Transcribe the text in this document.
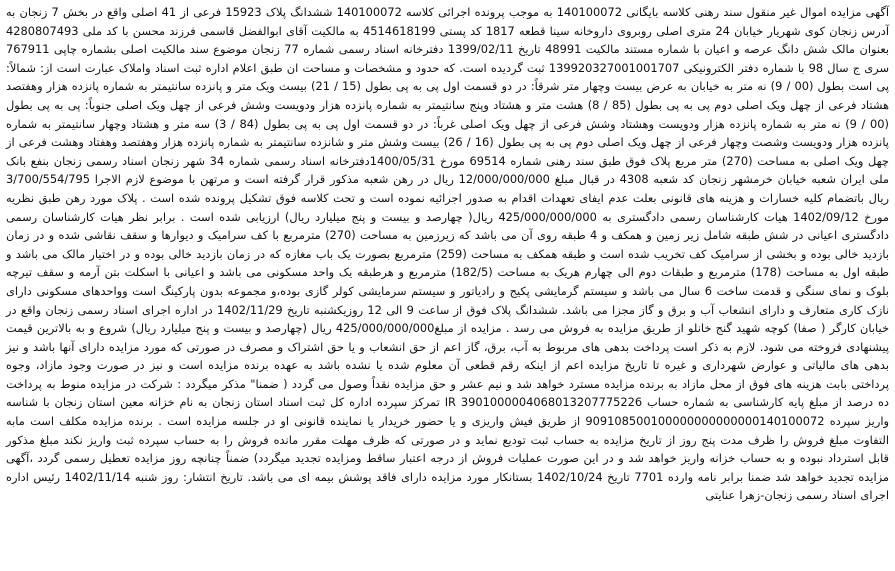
آگهی مزایده اموال غیر منقول سند رهنی کلاسه بایگانی 140100072 به موجب پرونده اجرائی کلاسه 140100072 ششدانگ پلاک 15923 فرعی از 41 اصلی واقع در بخش 7 زنجان به آدرس زنجان کوی شهریار خیابان 24 متری اصلی روبروی داروخانه سینا قطعه 1817 کد پستی 4514618199 به مالکیت آقای ابوالفضل قاسمی فرزند محسن با کد ملی 4280807493 بعنوان مالک شش دانگ عرصه و اعیان با شماره مستند مالکیت 48991 تاریخ 1399/02/11 دفترخانه اسناد رسمی شماره 77 زنجان موضوع سند مالکیت اصلی بشماره چاپی 767911 سری ج سال 98 با شماره دفتر الکترونیکی 139920327001001707 ثبت گردیده است. که حدود و مشخصات و مساحت ان طبق اعلام اداره ثبت اسناد واملاک عبارت است از: شمالاً: پی است بطول (00 / 9) نه متر به خیابان به عرض بیست وچهار متر شرقاً: در دو قسمت اول پی به پی بطول (15 / 21) بیست ویک متر و پانزده سانتیمتر به شماره پانزده هزار وهفتصد هشتاد فرعی از چهل ویک اصلی دوم پی به پی بطول (85 / 8) هشت متر و هشتاد وپنج سانتیمتر به شماره پانزده هزار ودویست وشش فرعی از چهل ویک اصلی جنوباً: پی به پی بطول (00 / 9) نه متر به شماره پانزده هزار ودویست وهشتاد وشش فرعی از چهل ویک اصلی غرباً: در دو قسمت اول پی به پی بطول (84 / 3) سه متر و هشتاد وچهار سانتیمتر به شماره پانزده هزار ودویست وشصت وچهار فرعی از چهل ویک اصلی دوم پی به پی بطول (16 / 26) بیست وشش متر و شانزده سانتیمتر به شماره پانزده هزار وهفتصد وهفتاد وهشت فرعی از چهل ویک اصلی به مساحت (270) متر مربع پلاک فوق طبق سند رهنی شماره 69514 مورخ 1400/05/31دفترخانه اسناد رسمی شماره 34 شهر زنجان اسناد رسمی زنجان بنفع بانک ملی ایران شعبه خیابان خرمشهر زنجان کد شعبه 4308 در قبال مبلغ 12/000/000/000 ریال در رهن شعبه مذکور قرار گرفته است و مرتهن با موضوع لازم الاجرا 3/700/554/795 ریال باتضمام کلیه خسارات و هزینه های قانونی بعلت عدم ایفای تعهدات اقدام به صدور اجرائیه نموده است و تحت کلاسه فوق تشکیل پرونده شده است . پلاک مورد رهن طبق نظریه مورخ 1402/09/12 هیات کارشناسان رسمی دادگستری به 425/000/000/000 ریال( چهارصد و بیست و پنج میلیارد ریال) ارزیابی شده است . برابر نظر هیات کارشناسان رسمی دادگستری اعیانی در شش طبقه شامل زیر زمین و همکف و 4 طبقه روی آن می باشد که زیرزمین به مساحت (270) مترمربع با کف سرامیک و دیوارها و سقف نقاشی شده و در زمان بازدید خالی بوده و بخشی از سرامیک کف تخریب شده است و طبقه همکف به مساحت (259) مترمربع بصورت یک باب مغازه که در زمان بازدید خالی بوده و در اختیار مالک می باشد و طبقه اول به مساحت (178) مترمربع و طبقات دوم الی چهارم هریک به مساحت (182/5) مترمربع و هرطبقه یک واحد مسکونی می باشد و اعیانی با اسکلت بتن آرمه و سقف تیرچه بلوک و نمای سنگی و قدمت ساخت 6 سال می باشد و سیستم گرمایشی پکیج و رادیاتور و سیستم سرمایشی کولر گازی بوده،و مجموعه بدون پارکینگ است وواحدهای مسکونی دارای نازک کاری متعارف و دارای انشعاب آب و برق و گاز مجزا می باشد. ششدانگ پلاک فوق از ساعت 9 الی 12 روزیکشنبه تاریخ 1402/11/29 در اداره اجرای اسناد رسمی زنجان واقع در خیابان کارگر ( صفا) کوچه شهید گنج خانلو از طریق مزایده به فروش می رسد . مزایده از مبلغ425/000/000/000 ریال (چهارصد و بیست و پنج میلیارد ریال) شروع و به بالاترین قیمت پیشنهادی فروخته می شود. لازم به ذکر است پرداخت بدهی های مربوط به آب، برق، گاز اعم از حق انشعاب و یا حق اشتراک و مصرف در صورتی که مورد مزایده دارای آنها باشد و نیز بدهی های مالیاتی و عوارض شهرداری و غیره تا تاریخ مزایده اعم از اینکه رقم قطعی آن معلوم شده یا نشده باشد به عهده برنده مزایده است و نیز در صورت وجود مازاد، وجوه پرداختی بابت هزینه های فوق از محل مازاد به برنده مزایده مسترد خواهد شد و نیم عشر و حق مزایده نقداً وصول می گردد ( ضمنا" مذکر میگردد : شرکت در مزایده منوط به پرداخت ده درصد از مبلغ پایه کارشناسی به شماره حساب 3901000004068013207775226 IR تمرکز سپرده اداره کل ثبت اسناد استان زنجان به نام خزانه معین استان زنجان با شناسه واریز سپرده 909108500100000000000000140100072 از طریق فیش واریزی و یا حضور خریدار یا نماینده قانونی او در جلسه مزایده است . برنده مزایده مکلف است مابه التفاوت مبلغ فروش را ظرف مدت پنج روز از تاریخ مزایده به حساب ثبت تودیع نماید و در صورتی که ظرف مهلت مقرر مانده فروش را به حساب سپرده ثبت واریز نکند مبلغ مذکور قابل استرداد نبوده و به حساب خزانه واریز خواهد شد و در این صورت عملیات فروش از درجه اعتبار ساقط ومزایده تجدید میگردد) ضمناً چنانچه روز مزایده تعطیل رسمی گردد ،آگهی مزایده تجدید خواهد شد ضمنا برابر نامه وارده 7701 تاریخ 1402/10/24 بستانکار مورد مزایده دارای فاقد پوشش بیمه ای می باشد. تاریخ انتشار: روز شنبه 1402/11/14 رئیس اداره اجرای اسناد رسمی زنجان-زهرا عنایتی
